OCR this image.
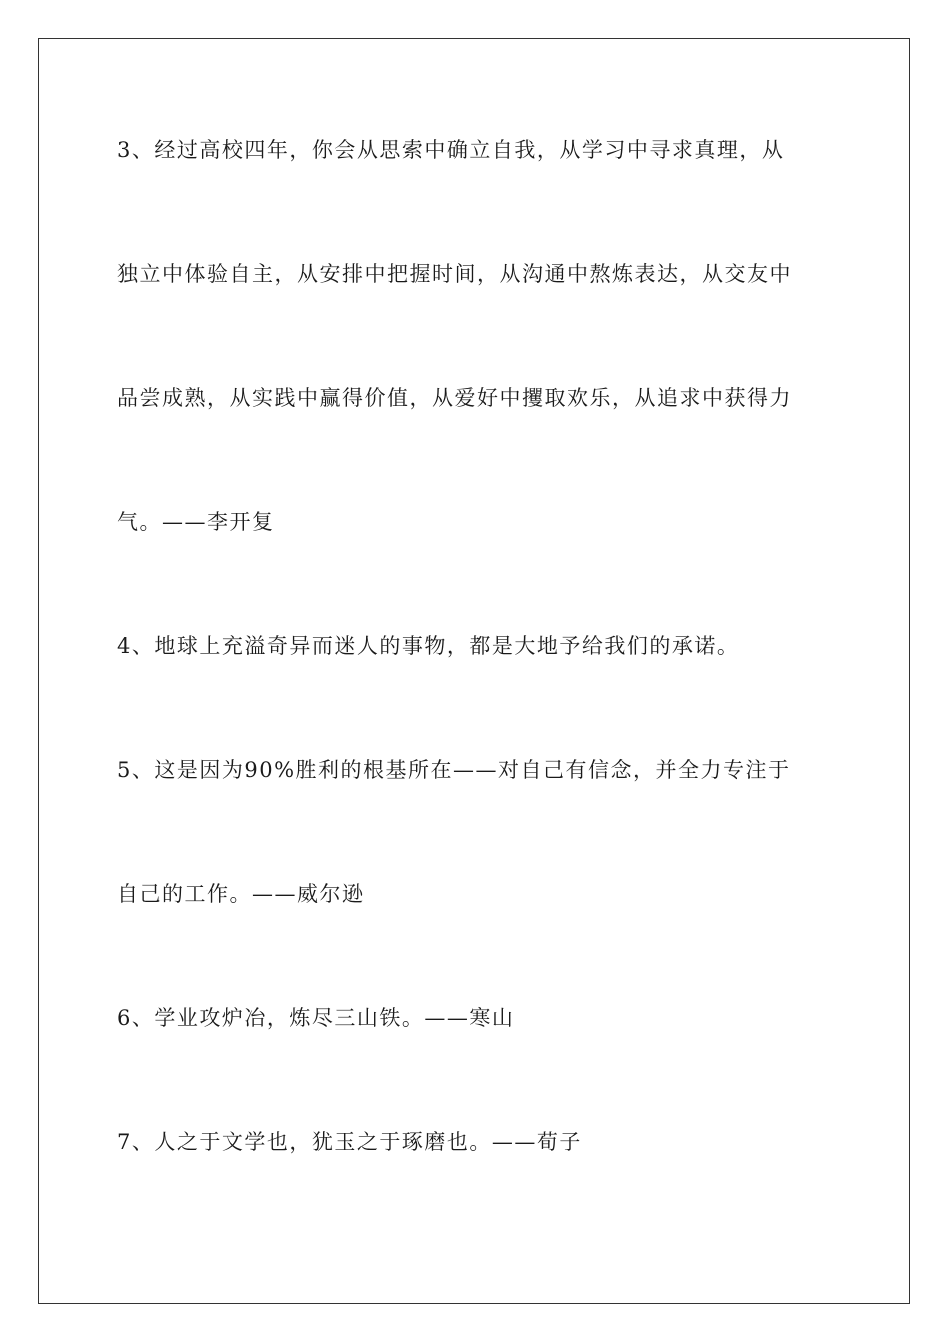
3、经过高校四年，你会从思索中确立自我，从学习中寻求真理，从
独立中体验自主，从安排中把握时间，从沟通中熬炼表达，从交友中
品尝成熟，从实践中赢得价值，从爱好中攫取欢乐，从追求中获得力
气。——李开复
4、地球上充溢奇异而迷人的事物，都是大地予给我们的承诺。
5、这是因为90%胜利的根基所在——对自己有信念，并全力专注于
自己的工作。——威尔逊
6、学业攻炉冶，炼尽三山铁。——寒山
7、人之于文学也，犹玉之于琢磨也。——荀子
